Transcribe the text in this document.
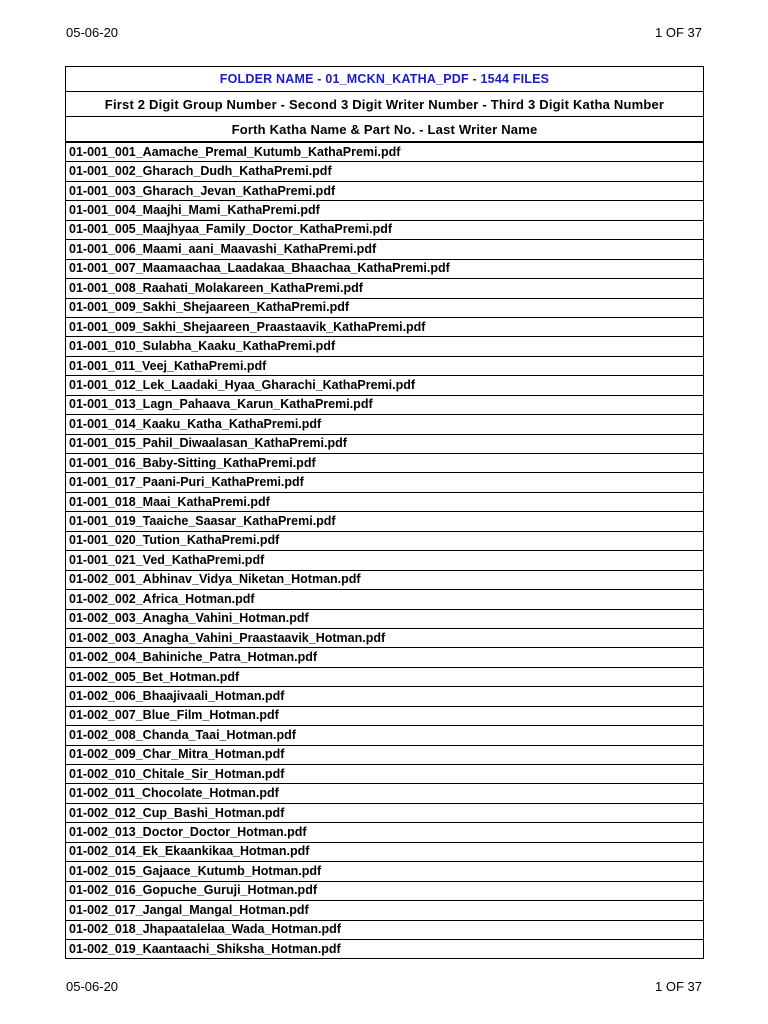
05-06-20	1 OF 37
FOLDER NAME - 01_MCKN_KATHA_PDF - 1544 FILES
First 2 Digit Group Number - Second 3 Digit Writer Number - Third 3 Digit Katha Number
Forth Katha Name & Part No. - Last Writer Name
01-001_001_Aamache_Premal_Kutumb_KathaPremi.pdf
01-001_002_Gharach_Dudh_KathaPremi.pdf
01-001_003_Gharach_Jevan_KathaPremi.pdf
01-001_004_Maajhi_Mami_KathaPremi.pdf
01-001_005_Maajhyaa_Family_Doctor_KathaPremi.pdf
01-001_006_Maami_aani_Maavashi_KathaPremi.pdf
01-001_007_Maamaachaa_Laadakaa_Bhaachaa_KathaPremi.pdf
01-001_008_Raahati_Molakareen_KathaPremi.pdf
01-001_009_Sakhi_Shejaareen_KathaPremi.pdf
01-001_009_Sakhi_Shejaareen_Praastaavik_KathaPremi.pdf
01-001_010_Sulabha_Kaaku_KathaPremi.pdf
01-001_011_Veej_KathaPremi.pdf
01-001_012_Lek_Laadaki_Hyaa_Gharachi_KathaPremi.pdf
01-001_013_Lagn_Pahaava_Karun_KathaPremi.pdf
01-001_014_Kaaku_Katha_KathaPremi.pdf
01-001_015_Pahil_Diwaalasan_KathaPremi.pdf
01-001_016_Baby-Sitting_KathaPremi.pdf
01-001_017_Paani-Puri_KathaPremi.pdf
01-001_018_Maai_KathaPremi.pdf
01-001_019_Taaiche_Saasar_KathaPremi.pdf
01-001_020_Tution_KathaPremi.pdf
01-001_021_Ved_KathaPremi.pdf
01-002_001_Abhinav_Vidya_Niketan_Hotman.pdf
01-002_002_Africa_Hotman.pdf
01-002_003_Anagha_Vahini_Hotman.pdf
01-002_003_Anagha_Vahini_Praastaavik_Hotman.pdf
01-002_004_Bahiniche_Patra_Hotman.pdf
01-002_005_Bet_Hotman.pdf
01-002_006_Bhaajivaali_Hotman.pdf
01-002_007_Blue_Film_Hotman.pdf
01-002_008_Chanda_Taai_Hotman.pdf
01-002_009_Char_Mitra_Hotman.pdf
01-002_010_Chitale_Sir_Hotman.pdf
01-002_011_Chocolate_Hotman.pdf
01-002_012_Cup_Bashi_Hotman.pdf
01-002_013_Doctor_Doctor_Hotman.pdf
01-002_014_Ek_Ekaankikaa_Hotman.pdf
01-002_015_Gajaace_Kutumb_Hotman.pdf
01-002_016_Gopuche_Guruji_Hotman.pdf
01-002_017_Jangal_Mangal_Hotman.pdf
01-002_018_Jhapaatalelaa_Wada_Hotman.pdf
01-002_019_Kaantaachi_Shiksha_Hotman.pdf
05-06-20	1 OF 37
